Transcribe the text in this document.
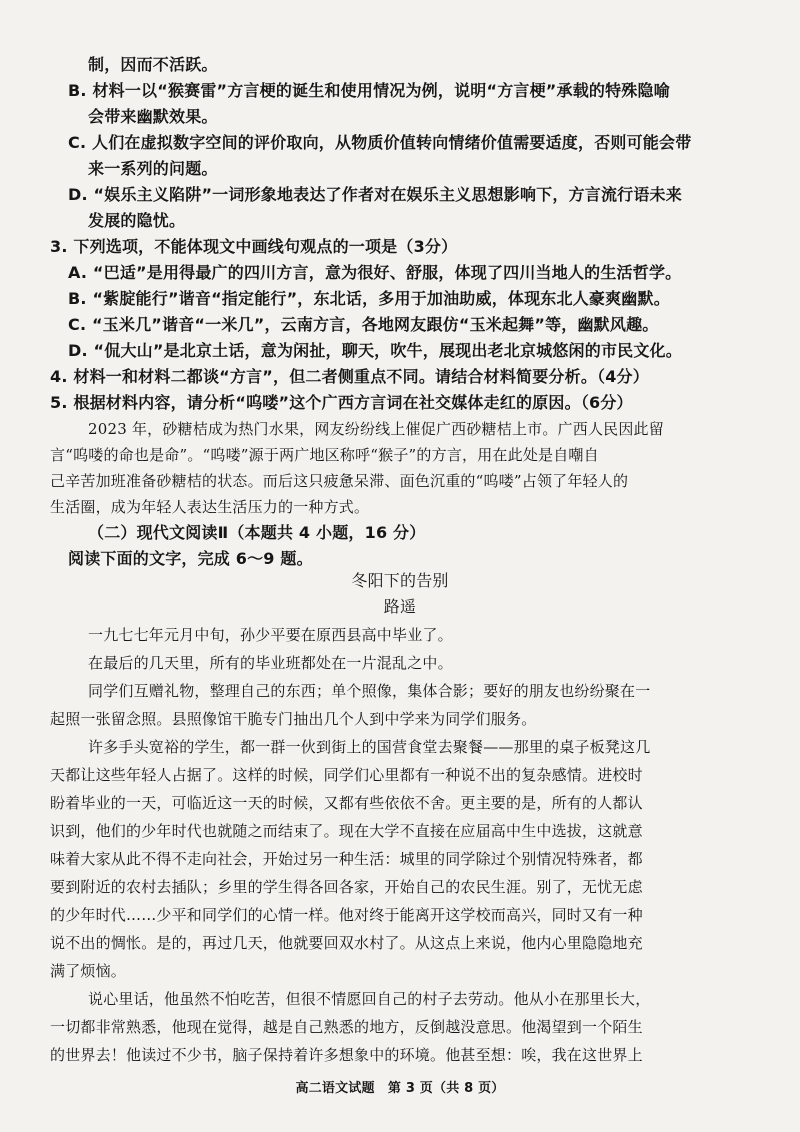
制，因而不活跃。
B. 材料一以“猴赛雷”方言梗的诞生和使用情况为例，说明“方言梗”承载的特殊隐喻
会带来幽默效果。
C. 人们在虚拟数字空间的评价取向，从物质价值转向情绪价值需要适度，否则可能会带
来一系列的问题。
D. “娱乐主义陷阱”一词形象地表达了作者对在娱乐主义思想影响下，方言流行语未来
发展的隐忧。
3. 下列选项，不能体现文中画线句观点的一项是（3分）
A. “巴适”是用得最广的四川方言，意为很好、舒服，体现了四川当地人的生活哲学。
B. “紫腚能行”谐音“指定能行”，东北话，多用于加油助威，体现东北人豪爽幽默。
C. “玉米几”谐音“一米几”，云南方言，各地网友跟仿“玉米起舞”等，幽默风趣。
D. “侃大山”是北京土话，意为闲扯，聊天，吹牛，展现出老北京城悠闲的市民文化。
4. 材料一和材料二都谈“方言”，但二者侧重点不同。请结合材料简要分析。（4分）
5. 根据材料内容，请分析“呜喽”这个广西方言词在社交媒体走红的原因。（6分）
2023 年，砂糖桔成为热门水果，网友纷纷线上催促广西砂糖桔上市。广西人民因此留
言“呜喽的命也是命”。“呜喽”源于两广地区称呼“猴子”的方言，用在此处是自嘲自
己辛苦加班准备砂糖桔的状态。而后这只疲惫呆滞、面色沉重的“呜喽”占领了年轻人的
生活圈，成为年轻人表达生活压力的一种方式。
（二）现代文阅读Ⅱ（本题共 4 小题，16 分）
阅读下面的文字，完成 6～9 题。
冬阳下的告别
路遥
一九七七年元月中旬，孙少平要在原西县高中毕业了。
在最后的几天里，所有的毕业班都处在一片混乱之中。
同学们互赠礼物，整理自己的东西；单个照像，集体合影；要好的朋友也纷纷聚在一
起照一张留念照。县照像馆干脆专门抽出几个人到中学来为同学们服务。
许多手头宽裕的学生，都一群一伙到街上的国营食堂去聚餐——那里的桌子板凳这几
天都让这些年轻人占据了。这样的时候，同学们心里都有一种说不出的复杂感情。进校时
盼着毕业的一天，可临近这一天的时候，又都有些依依不舍。更主要的是，所有的人都认
识到，他们的少年时代也就随之而结束了。现在大学不直接在应届高中生中选拔，这就意
味着大家从此不得不走向社会，开始过另一种生活：城里的同学除过个别情况特殊者，都
要到附近的农村去插队；乡里的学生得各回各家，开始自己的农民生涯。别了，无忧无虑
的少年时代……少平和同学们的心情一样。他对终于能离开这学校而高兴，同时又有一种
说不出的惆怅。是的，再过几天，他就要回双水村了。从这点上来说，他内心里隐隐地充
满了烦恼。
说心里话，他虽然不怕吃苦，但很不情愿回自己的村子去劳动。他从小在那里长大，
一切都非常熟悉，他现在觉得，越是自己熟悉的地方，反倒越没意思。他渴望到一个陌生
的世界去！他读过不少书，脑子保持着许多想象中的环境。他甚至想：唉，我在这世界上
高二语文试题　第 3 页（共 8 页）
